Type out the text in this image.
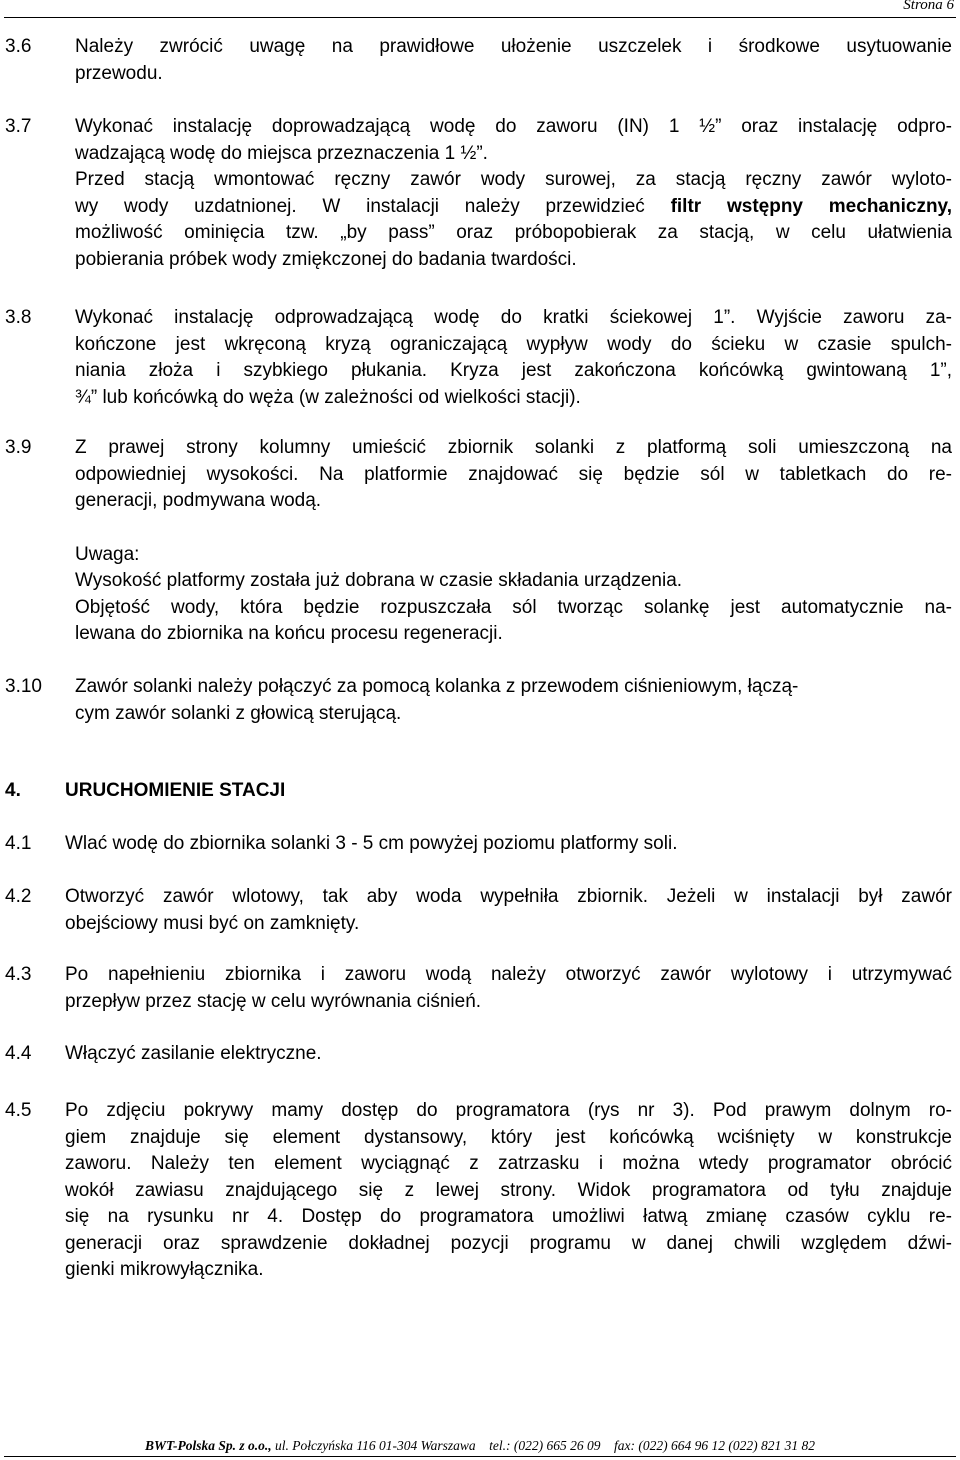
Strona 6
3.6 Należy zwrócić uwagę na prawidłowe ułożenie uszczelek i środkowe usytuowanie
przewodu.
3.7 Wykonać instalację doprowadzającą wodę do zaworu (IN) 1 ½” oraz instalację odpro-
wadzającą wodę do miejsca przeznaczenia 1 ½”.
Przed stacją wmontować ręczny zawór wody surowej, za stacją ręczny zawór wyloto-
wy wody uzdatnionej. W instalacji należy przewidzieć filtr wstępny mechaniczny,
możliwość ominięcia tzw. „by pass” oraz próbopobierak za stacją, w celu ułatwienia
pobierania próbek wody zmiękczonej do badania twardości.
3.8 Wykonać instalację odprowadzającą wodę do kratki ściekowej 1”. Wyjście zaworu za-
kończone jest wkręconą kryzą ograniczającą wypływ wody do ścieku w czasie spulch-
niania złoża i szybkiego płukania. Kryza jest zakończona końcówką gwintowaną 1”,
¾” lub końcówką do węża (w zależności od wielkości stacji).
3.9 Z prawej strony kolumny umieścić zbiornik solanki z platformą soli umieszczoną na
odpowiedniej wysokości. Na platformie znajdować się będzie sól w tabletkach do re-
generacji, podmywana wodą.
Uwaga:
Wysokość platformy została już dobrana w czasie składania urządzenia.
Objętość wody, która będzie rozpuszczała sól tworząc solankę jest automatycznie na-
lewana do zbiornika na końcu procesu regeneracji.
3.10 Zawór solanki należy połączyć za pomocą kolanka z przewodem ciśnieniowym, łączą-
cym zawór solanki z głowicą sterującą.
4. URUCHOMIENIE STACJI
4.1 Wlać wodę do zbiornika solanki 3 - 5 cm powyżej poziomu platformy soli.
4.2 Otworzyć zawór wlotowy, tak aby woda wypełniła zbiornik. Jeżeli w instalacji był zawór
obejściowy musi być on zamknięty.
4.3 Po napełnieniu zbiornika i zaworu wodą należy otworzyć zawór wylotowy i utrzymywać
przepływ przez stację w celu wyrównania ciśnień.
4.4 Włączyć zasilanie elektryczne.
4.5 Po zdjęciu pokrywy mamy dostęp do programatora (rys nr 3). Pod prawym dolnym ro-
giem znajduje się element dystansowy, który jest końcówką wciśnięty w konstrukcje
zaworu. Należy ten element wyciągnąć z zatrzasku i można wtedy programator obrócić
wokół zawiasu znajdującego się z lewej strony. Widok programatora od tyłu znajduje
się na rysunku nr 4. Dostęp do programatora umożliwi łatwą zmianę czasów cyklu re-
generacji oraz sprawdzenie dokładnej pozycji programu w danej chwili względem dźwi-
gienki mikrowyłącznika.
BWT-Polska Sp. z o.o., ul. Połczyńska 116 01-304 Warszawa tel.: (022) 665 26 09 fax: (022) 664 96 12 (022) 821 31 82
